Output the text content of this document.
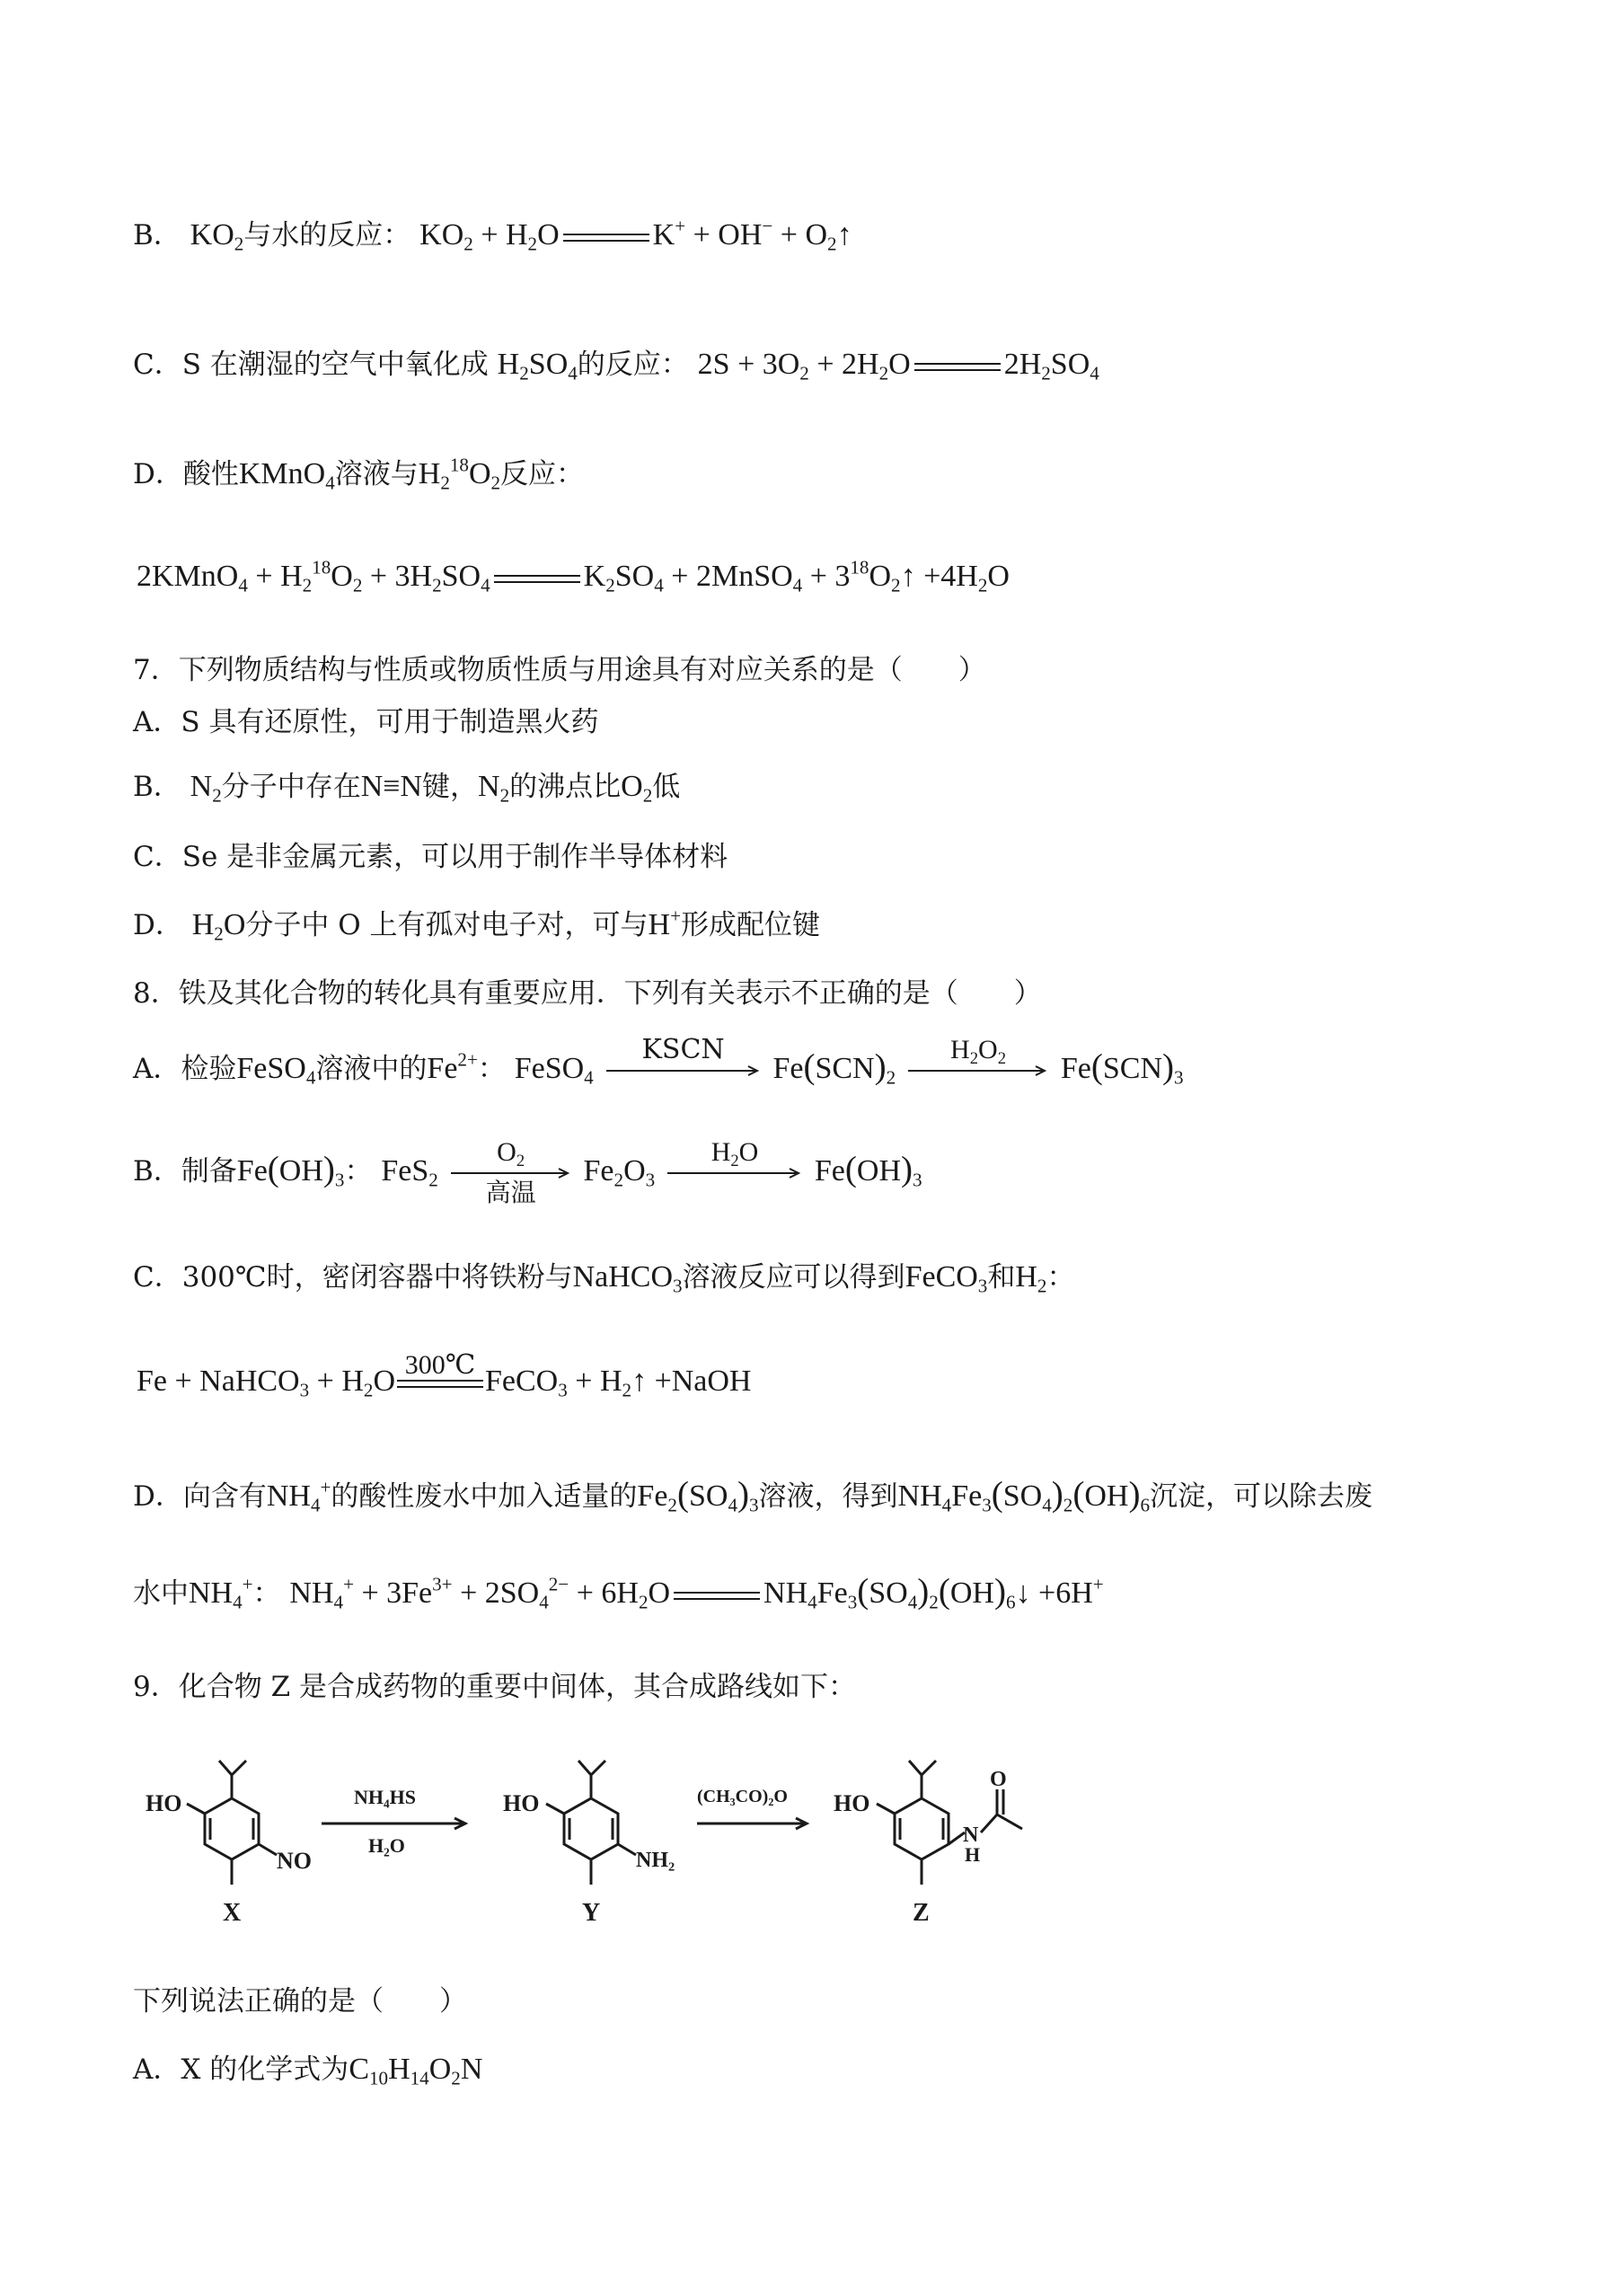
B． $KO_2$与水的反应： $KO_2 + H_2O$	$K^+ + OH^- + O_2↑$
C．S 在潮湿的空气中氧化成 $H_2SO_4$的反应： $2S + 3O_2 + 2H_2O$	$2H_2SO_4$
D．酸性KMnO$_4$溶液与$H_2^{18}O_2$反应：
2KMnO$_4$ + $H_2^{18}O_2 + 3H_2SO_4$	$K_2SO_4$ + 2MnSO$_4$ + $3^{18}O_2↑ +4H_2O$
7．下列物质结构与性质或物质性质与用途具有对应关系的是（　　）
A．S 具有还原性，可用于制造黑火药
B． $N_2$分子中存在N≡N键，$N_2$的沸点比$O_2$低
C．Se 是非金属元素，可以用于制作半导体材料
D． $H_2O$分子中 O 上有孤对电子对，可与H+形成配位键
8．铁及其化合物的转化具有重要应用．下列有关表示不正确的是（　　）
A．检验FeSO$_4$溶液中的$Fe^{2+}$： FeSO$_4$
KSCN
$Fe(SCN)_2$
$H_2O_2$	$Fe(SCN)_3$
B．制备$Fe(OH)_3$： FeS$_2$
$O_2$
高温
$Fe_2O_3$
$H_2O$
$Fe(OH)_3$
C．300℃时，密闭容器中将铁粉与NaHCO$_3$溶液反应可以得到FeCO$_3$和$H_2$：
Fe + NaHCO$_3$ + $H_2O$ 300℃ FeCO$_3$ + $H_2↑$ +NaOH
D．向含有$NH_4^+$的酸性废水中加入适量的$Fe_2(SO_4)_3$溶液，得到$NH_4Fe_3(SO_4)_2(OH)_6$沉淀，可以除去废
水中$NH_4^+$： $NH_4^+ + 3Fe^{3+} + 2SO_4^{2-} + 6H_2O$	$NH_4Fe_3(SO_4)_2(OH)_6↓ +6H^+$
9．化合物 Z 是合成药物的重要中间体，其合成路线如下：
HO
NO
X
NH₄HS
H₂O
HO
NH₂
Y
(CH₃CO)₂O HO
N
H
O
Z
下列说法正确的是（　　）
A．X 的化学式为$C_{10}H_{14}O_2N$
